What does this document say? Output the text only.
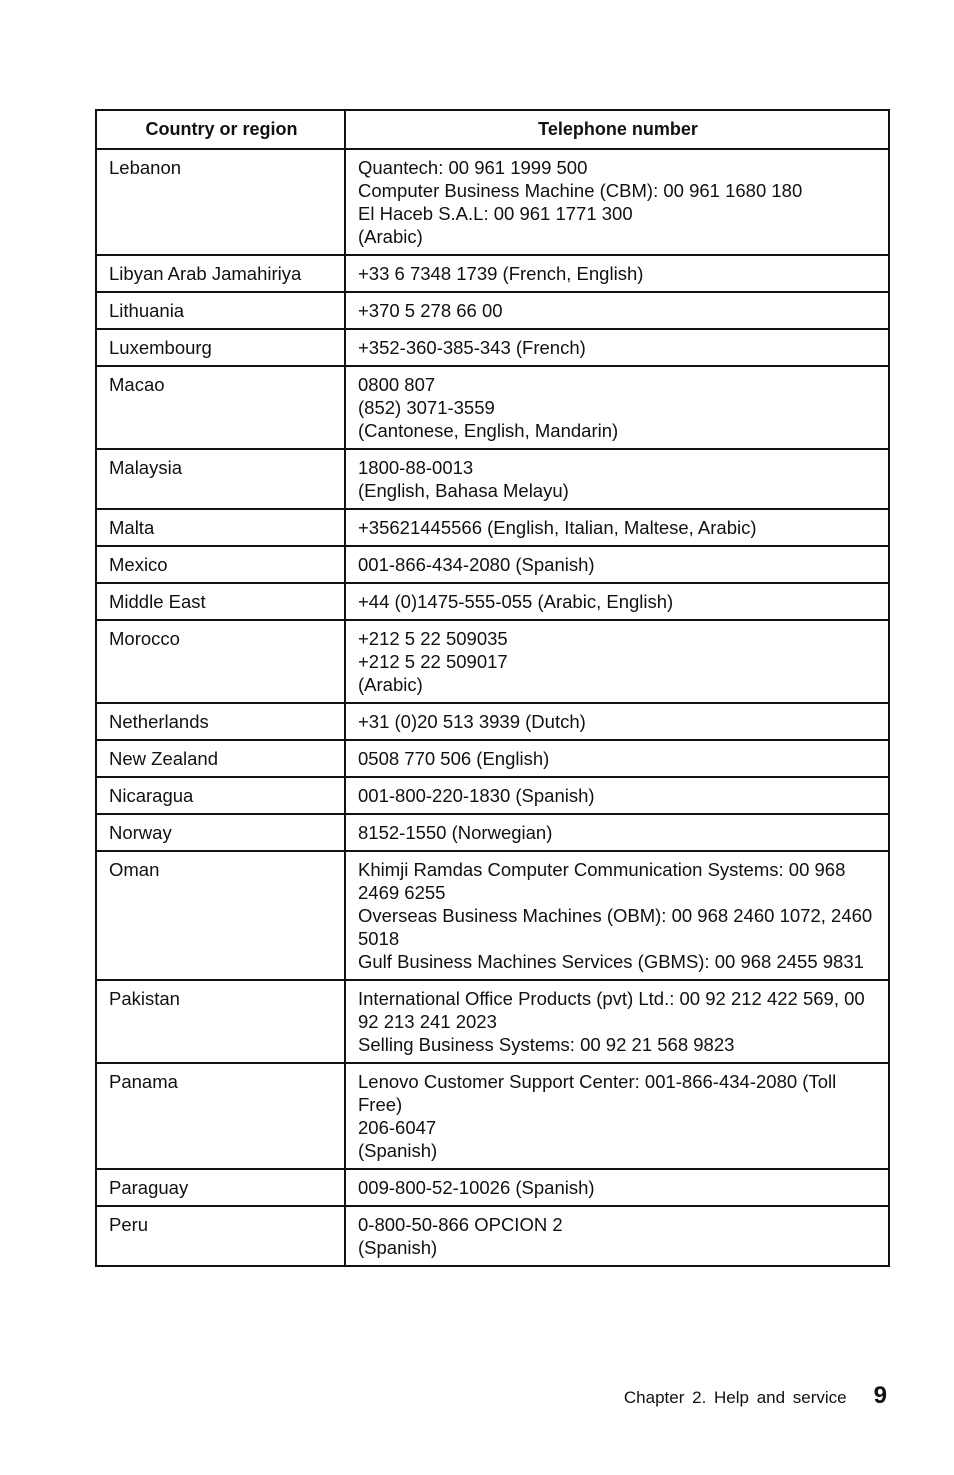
Country or region	Telephone number
Lebanon	Quantech: 00 961 1999 500
Computer Business Machine (CBM): 00 961 1680 180
El Haceb S.A.L: 00 961 1771 300
(Arabic)

Libyan Arab Jamahiriya	+33 6 7348 1739 (French, English)

Lithuania	+370 5 278 66 00

Luxembourg	+352-360-385-343 (French)

Macao	0800 807
(852) 3071-3559
(Cantonese, English, Mandarin)

Malaysia	1800-88-0013
(English, Bahasa Melayu)

Malta	+35621445566 (English, Italian, Maltese, Arabic)

Mexico	001-866-434-2080 (Spanish)

Middle East	+44 (0)1475-555-055 (Arabic, English)

Morocco	+212 5 22 509035
+212 5 22 509017
(Arabic)

Netherlands	+31 (0)20 513 3939 (Dutch)

New Zealand	0508 770 506 (English)

Nicaragua	001-800-220-1830 (Spanish)

Norway	8152-1550 (Norwegian)

Oman	Khimji Ramdas Computer Communication Systems: 00 968 2469 6255
Overseas Business Machines (OBM): 00 968 2460 1072, 2460 5018
Gulf Business Machines Services (GBMS): 00 968 2455 9831

Pakistan	International Office Products (pvt) Ltd.: 00 92 212 422 569, 00 92 213 241 2023
Selling Business Systems: 00 92 21 568 9823

Panama	Lenovo Customer Support Center: 001-866-434-2080 (Toll Free)
206-6047
(Spanish)

Paraguay	009-800-52-10026 (Spanish)

Peru	0-800-50-866 OPCION 2
(Spanish)
Chapter 2. Help and service 9
